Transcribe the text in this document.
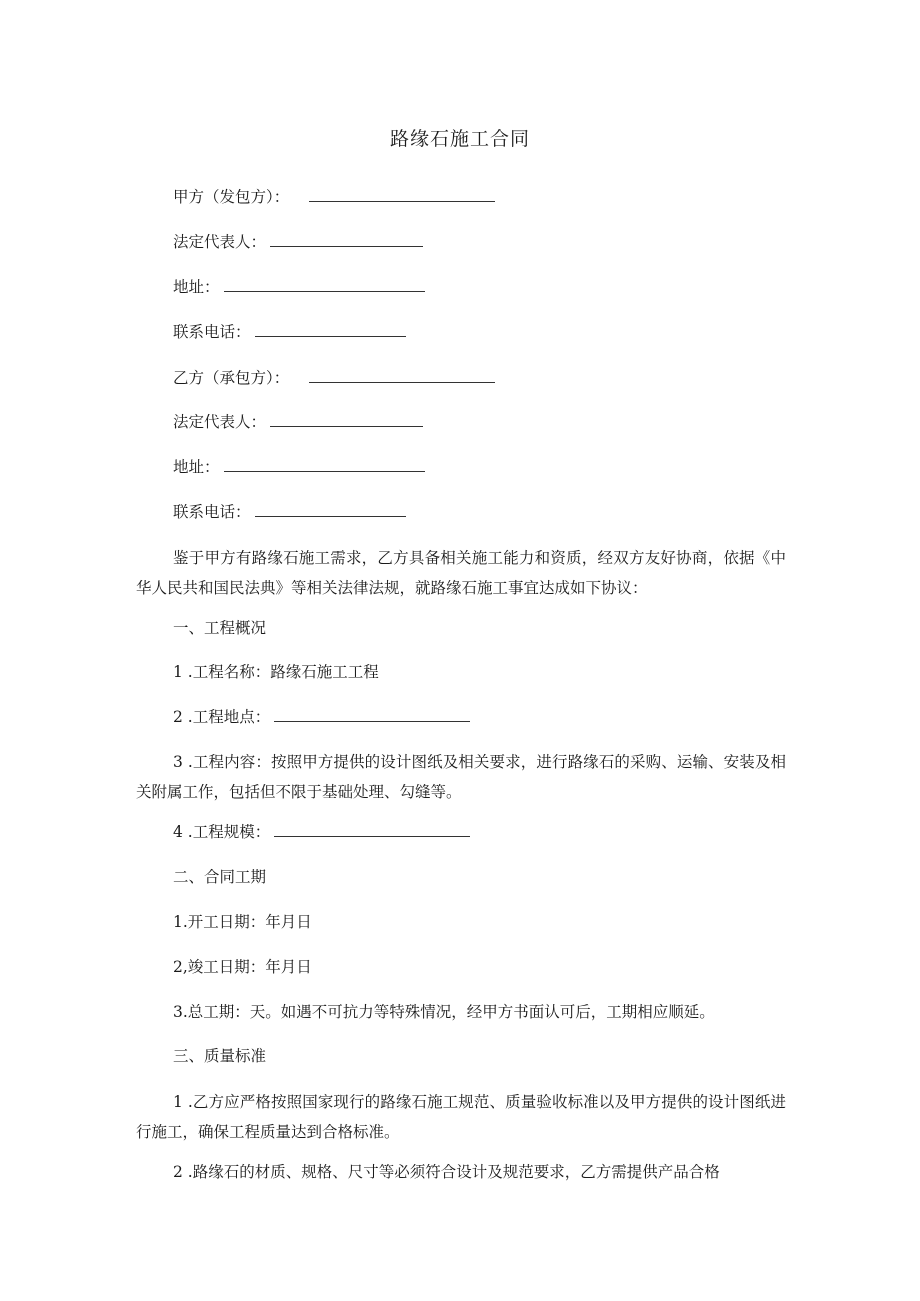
路缘石施工合同
甲方（发包方）：
法定代表人：
地址：
联系电话：
乙方（承包方）：
法定代表人：
地址：
联系电话：
鉴于甲方有路缘石施工需求，乙方具备相关施工能力和资质，经双方友好协商，依据《中华人民共和国民法典》等相关法律法规，就路缘石施工事宜达成如下协议：
一、工程概况
1 .工程名称：路缘石施工工程
2 .工程地点：
3 .工程内容：按照甲方提供的设计图纸及相关要求，进行路缘石的采购、运输、安装及相关附属工作，包括但不限于基础处理、勾缝等。
4 .工程规模：
二、合同工期
1.开工日期：年月日
2,竣工日期：年月日
3.总工期：天。如遇不可抗力等特殊情况，经甲方书面认可后，工期相应顺延。
三、质量标准
1 .乙方应严格按照国家现行的路缘石施工规范、质量验收标准以及甲方提供的设计图纸进行施工，确保工程质量达到合格标准。
2 .路缘石的材质、规格、尺寸等必须符合设计及规范要求，乙方需提供产品合格
